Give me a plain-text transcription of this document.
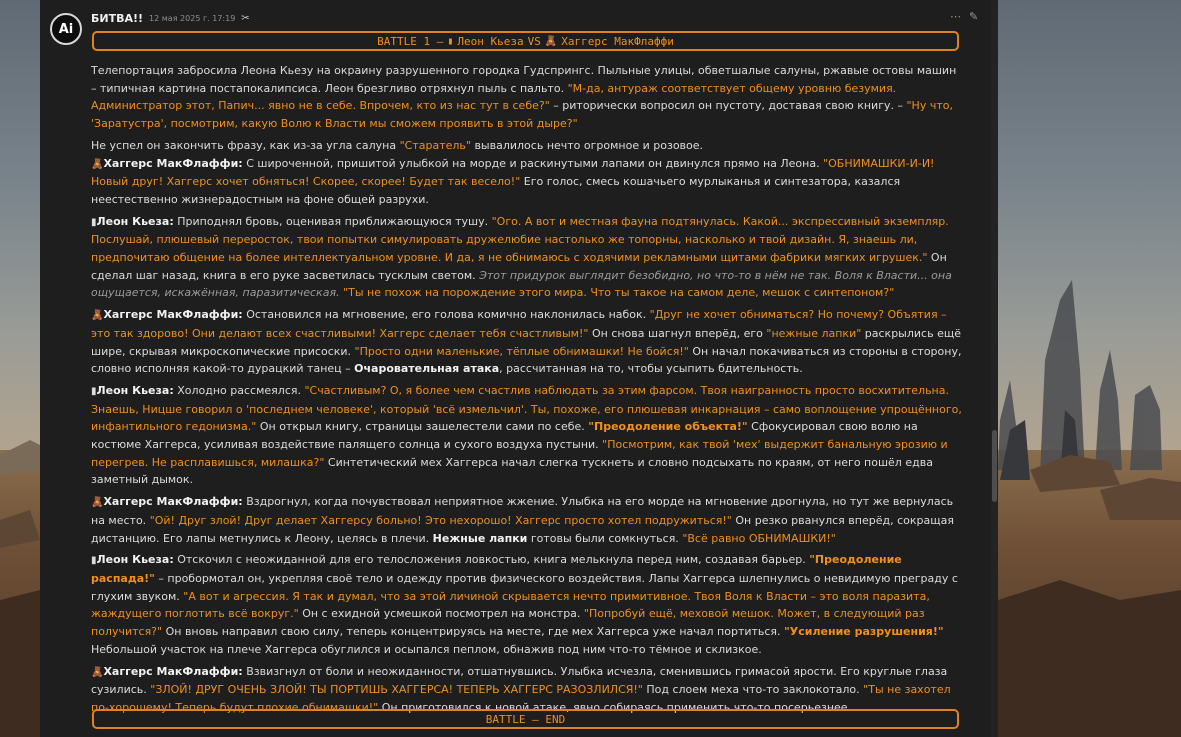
Ai
БИТВА!! 12 мая 2025 г. 17:19 ✂	⋯ ✎
BATTLE 1 – ▮ Леон Кьеза VS 🧸 Хаггерс МакФлаффи

Телепортация забросила Леона Кьезу на окраину разрушенного городка Гудспрингс. Пыльные улицы, обветшалые салуны, ржавые остовы машин – типичная картина постапокалипсиса. Леон брезгливо отряхнул пыль с пальто. "М-да, антураж соответствует общему уровню безумия. Администратор этот, Папич... явно не в себе. Впрочем, кто из нас тут в себе?" – риторически вопросил он пустоту, доставая свою книгу. – "Ну что, 'Заратустра', посмотрим, какую Волю к Власти мы сможем проявить в этой дыре?"

Не успел он закончить фразу, как из-за угла салуна "Старатель" вывалилось нечто огромное и розовое.

🧸Хаггерс МакФлаффи: С широченной, пришитой улыбкой на морде и раскинутыми лапами он двинулся прямо на Леона. "ОБНИМАШКИ-И-И! Новый друг! Хаггерс хочет обняться! Скорее, скорее! Будет так весело!" Его голос, смесь кошачьего мурлыканья и синтезатора, казался неестественно жизнерадостным на фоне общей разрухи.

▮Леон Кьеза: Приподнял бровь, оценивая приближающуюся тушу. "Ого. А вот и местная фауна подтянулась. Какой... экспрессивный экземпляр. Послушай, плюшевый переросток, твои попытки симулировать дружелюбие настолько же топорны, насколько и твой дизайн. Я, знаешь ли, предпочитаю общение на более интеллектуальном уровне. И да, я не обнимаюсь с ходячими рекламными щитами фабрики мягких игрушек." Он сделал шаг назад, книга в его руке засветилась тусклым светом. Этот придурок выглядит безобидно, но что-то в нём не так. Воля к Власти... она ощущается, искажённая, паразитическая. "Ты не похож на порождение этого мира. Что ты такое на самом деле, мешок с синтепоном?"

🧸Хаггерс МакФлаффи: Остановился на мгновение, его голова комично наклонилась набок. "Друг не хочет обниматься? Но почему? Объятия – это так здорово! Они делают всех счастливыми! Хаггерс сделает тебя счастливым!" Он снова шагнул вперёд, его "нежные лапки" раскрылись ещё шире, скрывая микроскопические присоски. "Просто одни маленькие, тёплые обнимашки! Не бойся!" Он начал покачиваться из стороны в сторону, словно исполняя какой-то дурацкий танец – Очаровательная атака, рассчитанная на то, чтобы усыпить бдительность.

▮Леон Кьеза: Холодно рассмеялся. "Счастливым? О, я более чем счастлив наблюдать за этим фарсом. Твоя наигранность просто восхитительна. Знаешь, Ницше говорил о 'последнем человеке', который 'всё измельчил'. Ты, похоже, его плюшевая инкарнация – само воплощение упрощённого, инфантильного гедонизма." Он открыл книгу, страницы зашелестели сами по себе. "Преодоление объекта!" Сфокусировал свою волю на костюме Хаггерса, усиливая воздействие палящего солнца и сухого воздуха пустыни. "Посмотрим, как твой 'мех' выдержит банальную эрозию и перегрев. Не расплавишься, милашка?" Синтетический мех Хаггерса начал слегка тускнеть и словно подсыхать по краям, от него пошёл едва заметный дымок.

🧸Хаггерс МакФлаффи: Вздрогнул, когда почувствовал неприятное жжение. Улыбка на его морде на мгновение дрогнула, но тут же вернулась на место. "Ой! Друг злой! Друг делает Хаггерсу больно! Это нехорошо! Хаггерс просто хотел подружиться!" Он резко рванулся вперёд, сокращая дистанцию. Его лапы метнулись к Леону, целясь в плечи. Нежные лапки готовы были сомкнуться. "Всё равно ОБНИМАШКИ!"

▮Леон Кьеза: Отскочил с неожиданной для его телосложения ловкостью, книга мелькнула перед ним, создавая барьер. "Преодоление распада!" – пробормотал он, укрепляя своё тело и одежду против физического воздействия. Лапы Хаггерса шлепнулись о невидимую преграду с глухим звуком. "А вот и агрессия. Я так и думал, что за этой личиной скрывается нечто примитивное. Твоя Воля к Власти – это воля паразита, жаждущего поглотить всё вокруг." Он с ехидной усмешкой посмотрел на монстра. "Попробуй ещё, меховой мешок. Может, в следующий раз получится?" Он вновь направил свою силу, теперь концентрируясь на месте, где мех Хаггерса уже начал портиться. "Усиление разрушения!" Небольшой участок на плече Хаггерса обуглился и осыпался пеплом, обнажив под ним что-то тёмное и склизкое.

🧸Хаггерс МакФлаффи: Взвизгнул от боли и неожиданности, отшатнувшись. Улыбка исчезла, сменившись гримасой ярости. Его круглые глаза сузились. "ЗЛОЙ! ДРУГ ОЧЕНЬ ЗЛОЙ! ТЫ ПОРТИШЬ ХАГГЕРСА! ТЕПЕРЬ ХАГГЕРС РАЗОЗЛИЛСЯ!" Под слоем меха что-то заклокотало. "Ты не захотел по-хорошему! Теперь будут плохие обнимашки!" Он приготовился к новой атаке, явно собираясь применить что-то посерьезнее.

BATTLE – END
